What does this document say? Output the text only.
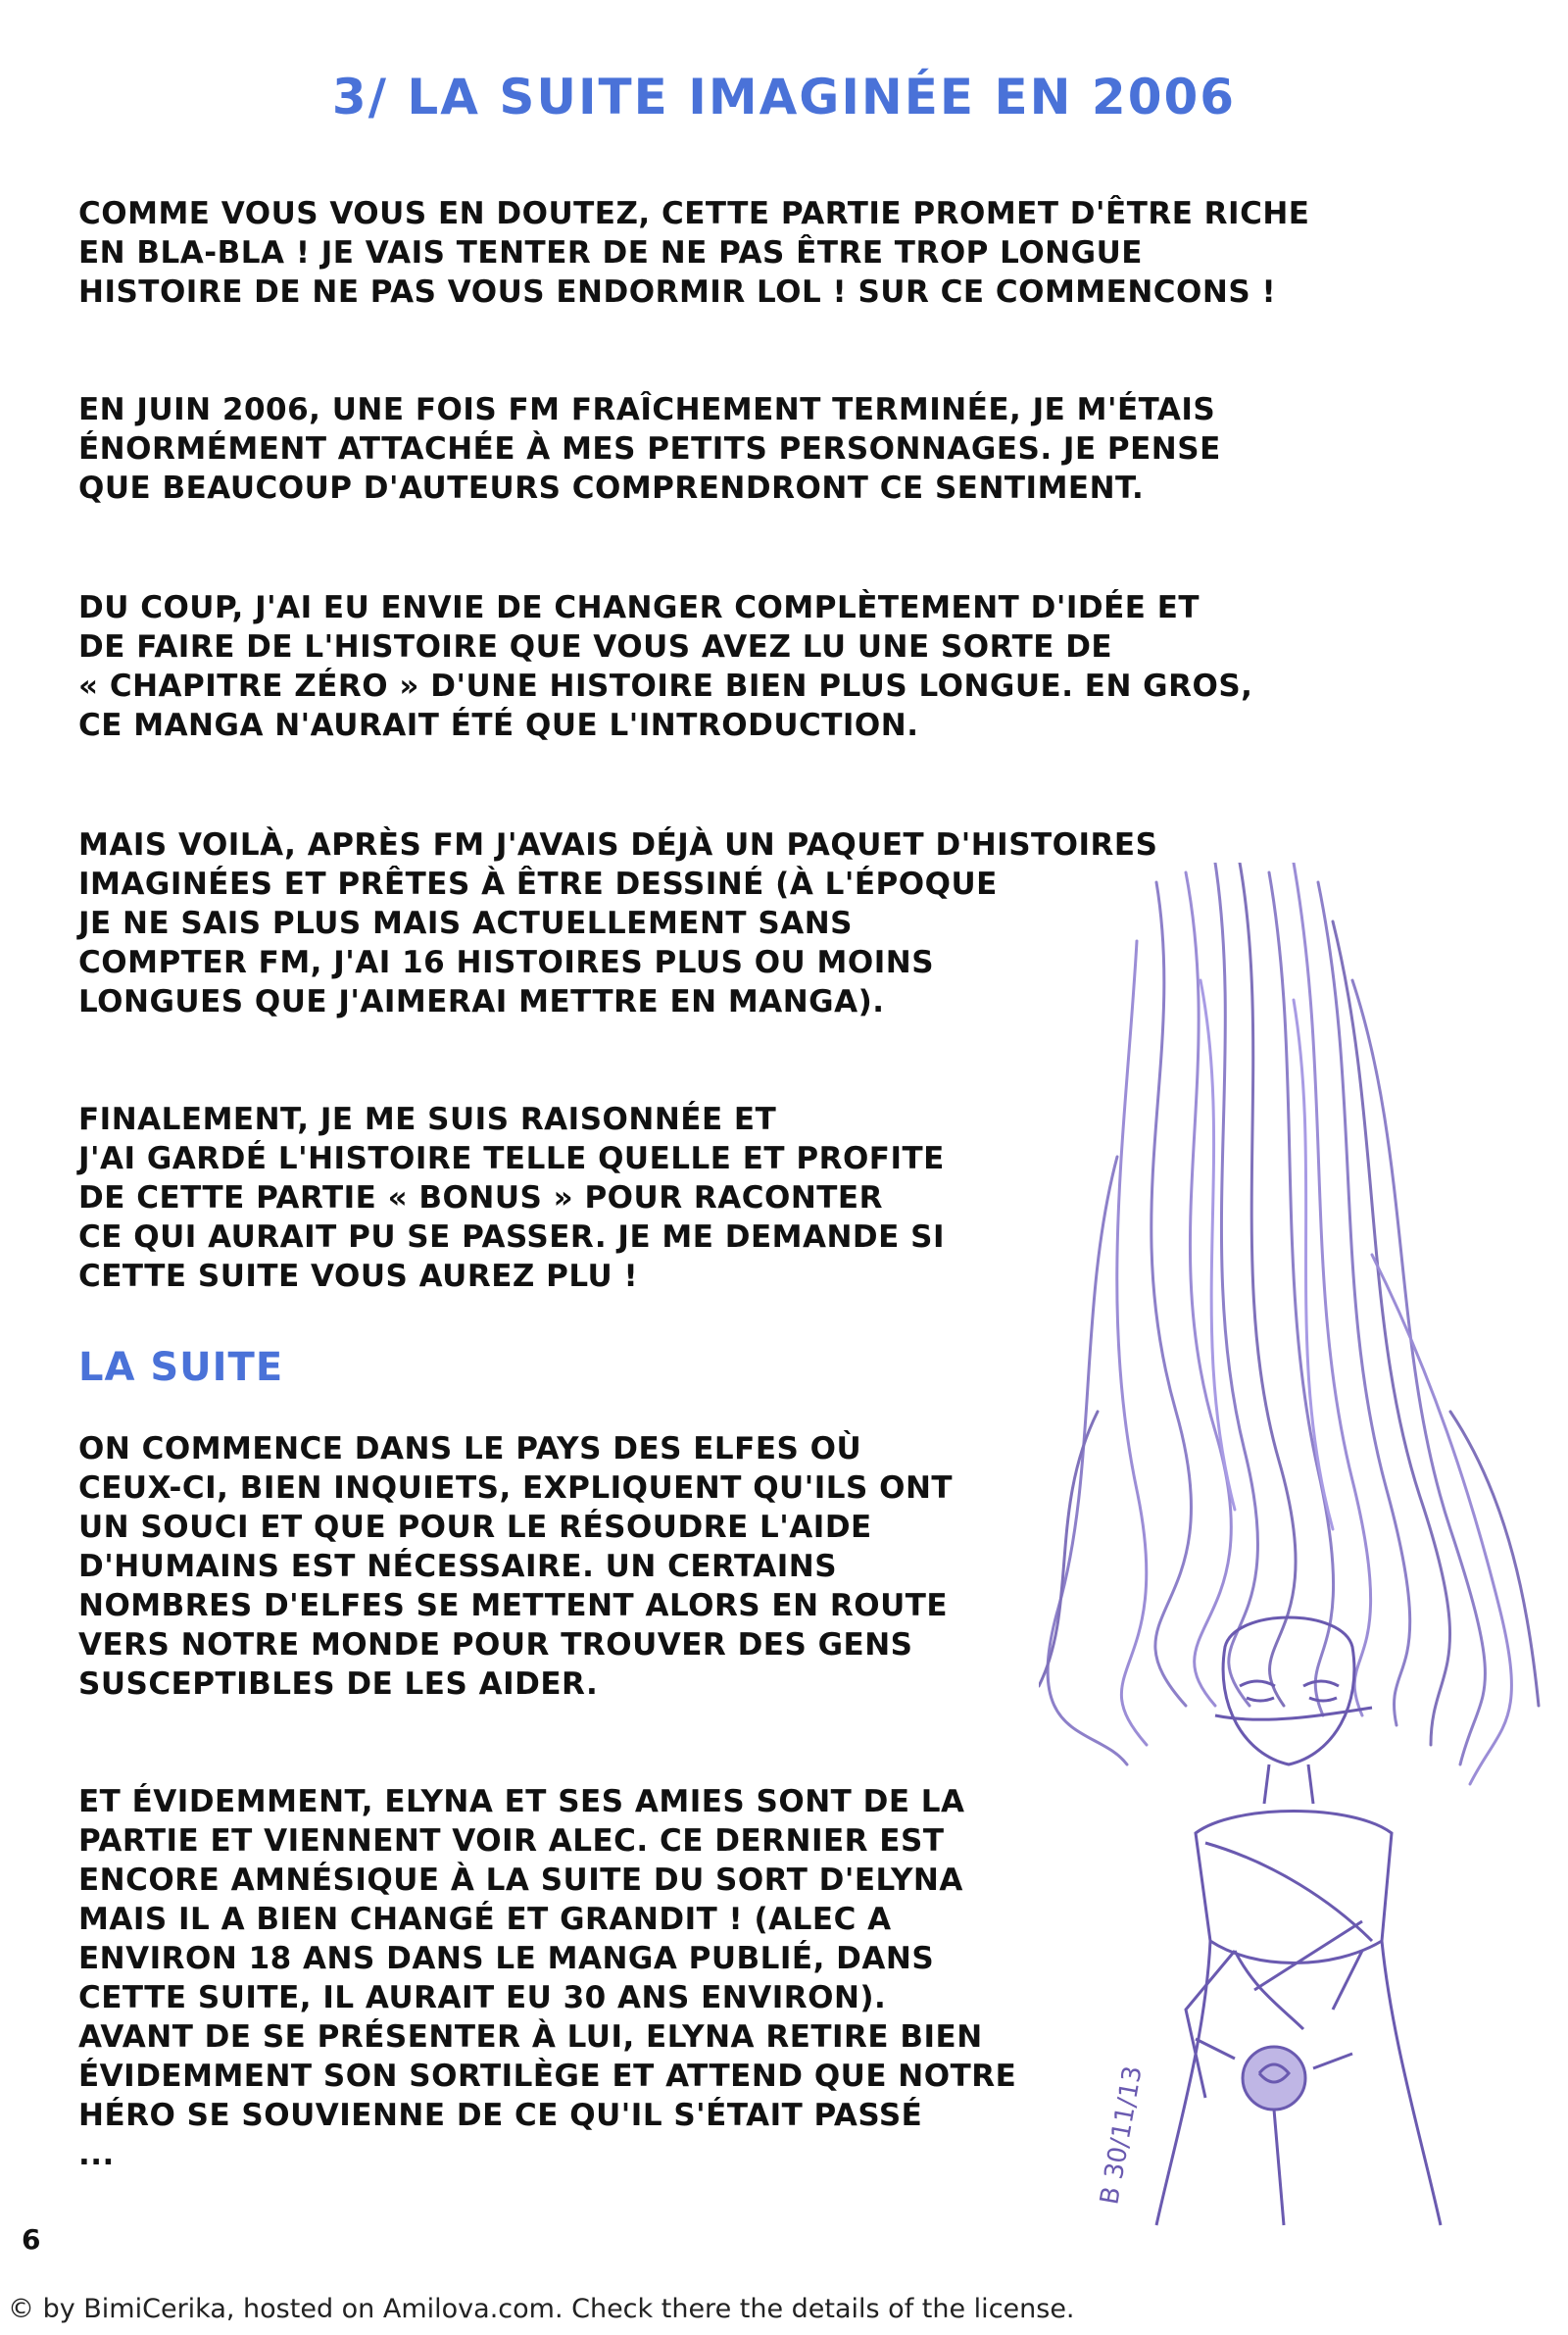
3/ LA SUITE IMAGINÉE EN 2006

COMME VOUS VOUS EN DOUTEZ, CETTE PARTIE PROMET D'ÊTRE RICHE
EN BLA-BLA ! JE VAIS TENTER DE NE PAS ÊTRE TROP LONGUE
HISTOIRE DE NE PAS VOUS ENDORMIR LOL ! SUR CE COMMENCONS !

EN JUIN 2006, UNE FOIS FM FRAÎCHEMENT TERMINÉE, JE M'ÉTAIS
ÉNORMÉMENT ATTACHÉE À MES PETITS PERSONNAGES. JE PENSE
QUE BEAUCOUP D'AUTEURS COMPRENDRONT CE SENTIMENT.

DU COUP, J'AI EU ENVIE DE CHANGER COMPLÈTEMENT D'IDÉE ET
DE FAIRE DE L'HISTOIRE QUE VOUS AVEZ LU UNE SORTE DE
« CHAPITRE ZÉRO » D'UNE HISTOIRE BIEN PLUS LONGUE. EN GROS,
CE MANGA N'AURAIT ÉTÉ QUE L'INTRODUCTION.

MAIS VOILÀ, APRÈS FM J'AVAIS DÉJÀ UN PAQUET D'HISTOIRES
IMAGINÉES ET PRÊTES À ÊTRE DESSINÉ (À L'ÉPOQUE
JE NE SAIS PLUS MAIS ACTUELLEMENT SANS
COMPTER FM, J'AI 16 HISTOIRES PLUS OU MOINS
LONGUES QUE J'AIMERAI METTRE EN MANGA).

FINALEMENT, JE ME SUIS RAISONNÉE ET
J'AI GARDÉ L'HISTOIRE TELLE QUELLE ET PROFITE
DE CETTE PARTIE « BONUS » POUR RACONTER
CE QUI AURAIT PU SE PASSER. JE ME DEMANDE SI
CETTE SUITE VOUS AUREZ PLU !

LA SUITE

ON COMMENCE DANS LE PAYS DES ELFES OÙ
CEUX-CI, BIEN INQUIETS, EXPLIQUENT QU'ILS ONT
UN SOUCI ET QUE POUR LE RÉSOUDRE L'AIDE
D'HUMAINS EST NÉCESSAIRE. UN CERTAINS
NOMBRES D'ELFES SE METTENT ALORS EN ROUTE
VERS NOTRE MONDE POUR TROUVER DES GENS
SUSCEPTIBLES DE LES AIDER.

ET ÉVIDEMMENT, ELYNA ET SES AMIES SONT DE LA
PARTIE ET VIENNENT VOIR ALEC. CE DERNIER EST
ENCORE AMNÉSIQUE À LA SUITE DU SORT D'ELYNA
MAIS IL A BIEN CHANGÉ ET GRANDIT ! (ALEC A
ENVIRON 18 ANS DANS LE MANGA PUBLIÉ, DANS
CETTE SUITE, IL AURAIT EU 30 ANS ENVIRON).
AVANT DE SE PRÉSENTER À LUI, ELYNA RETIRE BIEN
ÉVIDEMMENT SON SORTILÈGE ET ATTEND QUE NOTRE
HÉRO SE SOUVIENNE DE CE QU'IL S'ÉTAIT PASSÉ
...	B 30/11/13
6
© by BimiCerika, hosted on Amilova.com. Check there the details of the license.
